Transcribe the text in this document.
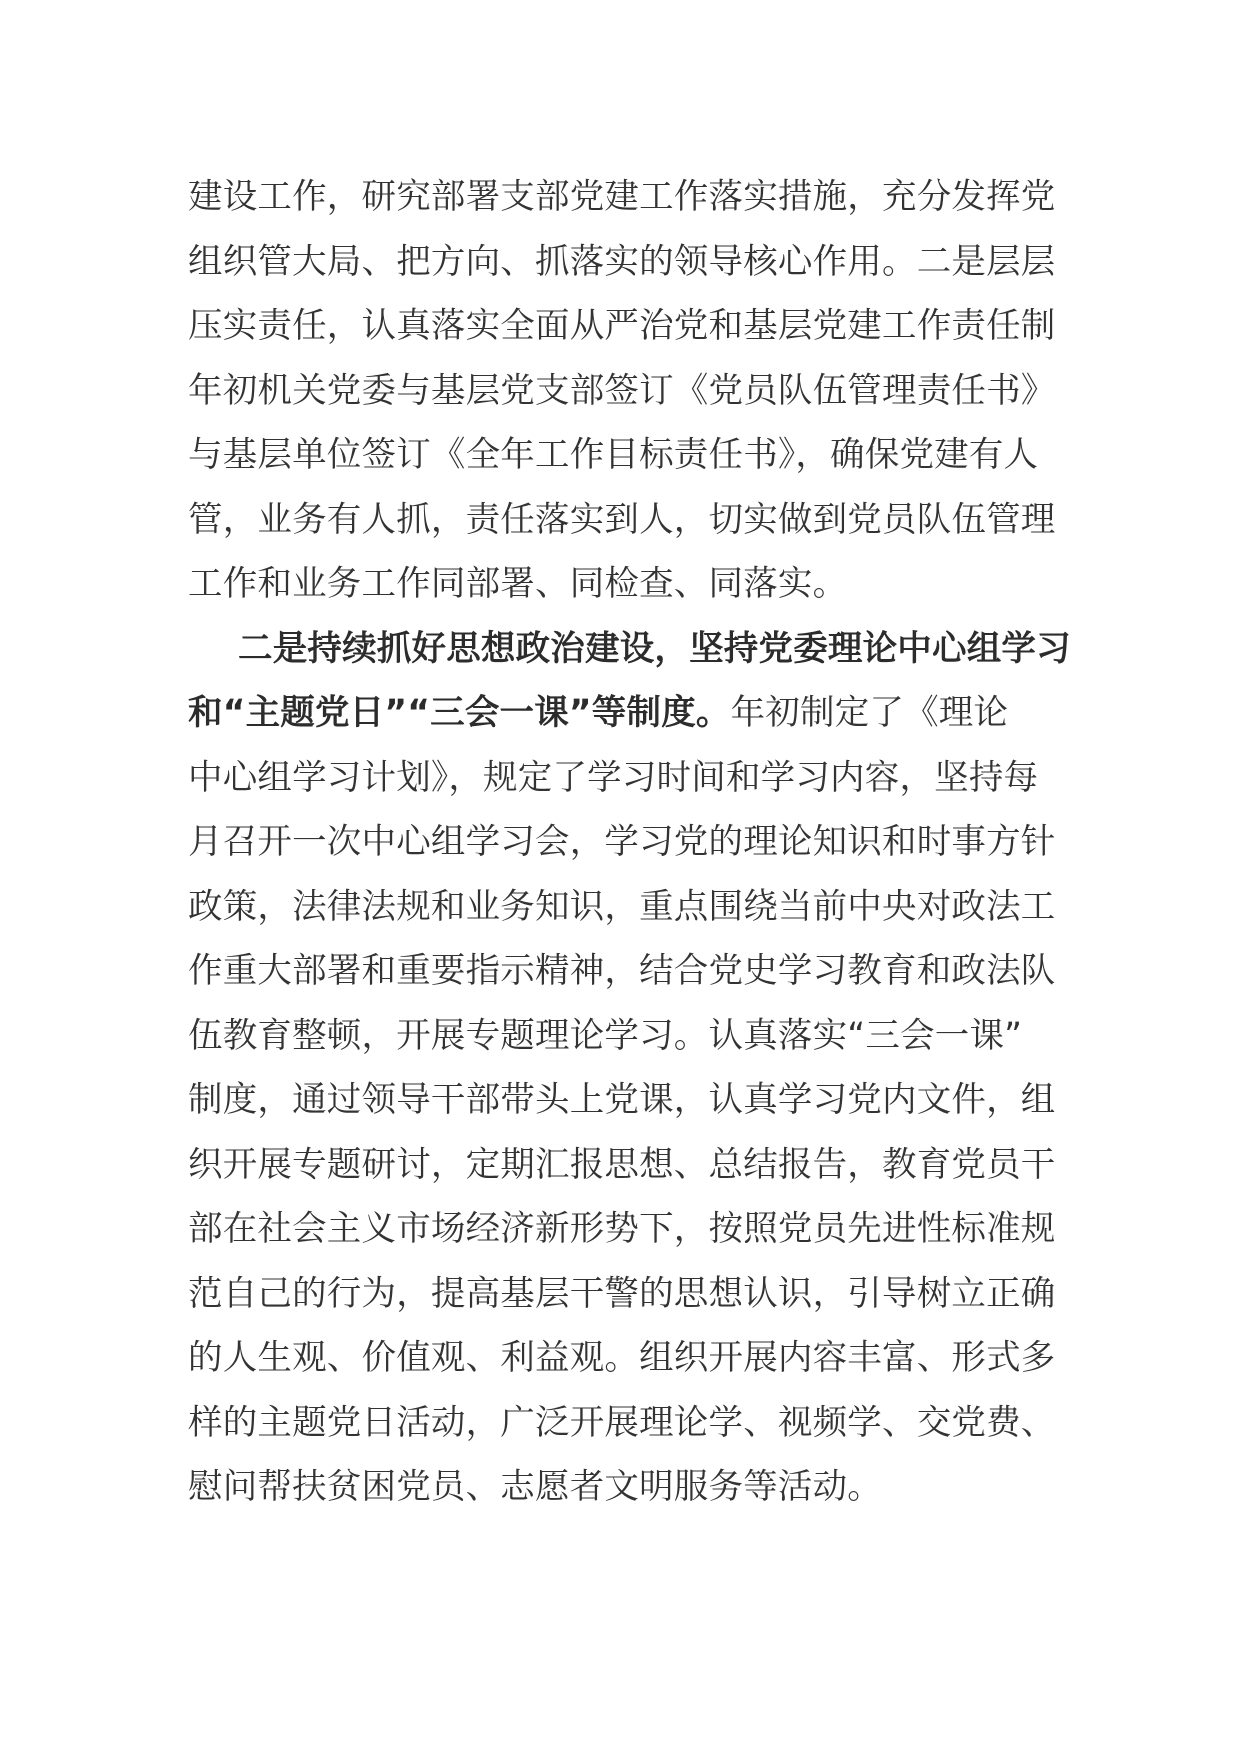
建设工作，研究部署支部党建工作落实措施，充分发挥党
组织管大局、把方向、抓落实的领导核心作用。二是层层
压实责任，认真落实全面从严治党和基层党建工作责任制
年初机关党委与基层党支部签订《党员队伍管理责任书》
与基层单位签订《全年工作目标责任书》，确保党建有人
管，业务有人抓，责任落实到人，切实做到党员队伍管理
工作和业务工作同部署、同检查、同落实。
二是持续抓好思想政治建设，坚持党委理论中心组学习
和“主题党日”“三会一课”等制度。年初制定了《理论
中心组学习计划》，规定了学习时间和学习内容，坚持每
月召开一次中心组学习会，学习党的理论知识和时事方针
政策，法律法规和业务知识，重点围绕当前中央对政法工
作重大部署和重要指示精神，结合党史学习教育和政法队
伍教育整顿，开展专题理论学习。认真落实“三会一课”
制度，通过领导干部带头上党课，认真学习党内文件，组
织开展专题研讨，定期汇报思想、总结报告，教育党员干
部在社会主义市场经济新形势下，按照党员先进性标准规
范自己的行为，提高基层干警的思想认识，引导树立正确
的人生观、价值观、利益观。组织开展内容丰富、形式多
样的主题党日活动，广泛开展理论学、视频学、交党费、
慰问帮扶贫困党员、志愿者文明服务等活动。
